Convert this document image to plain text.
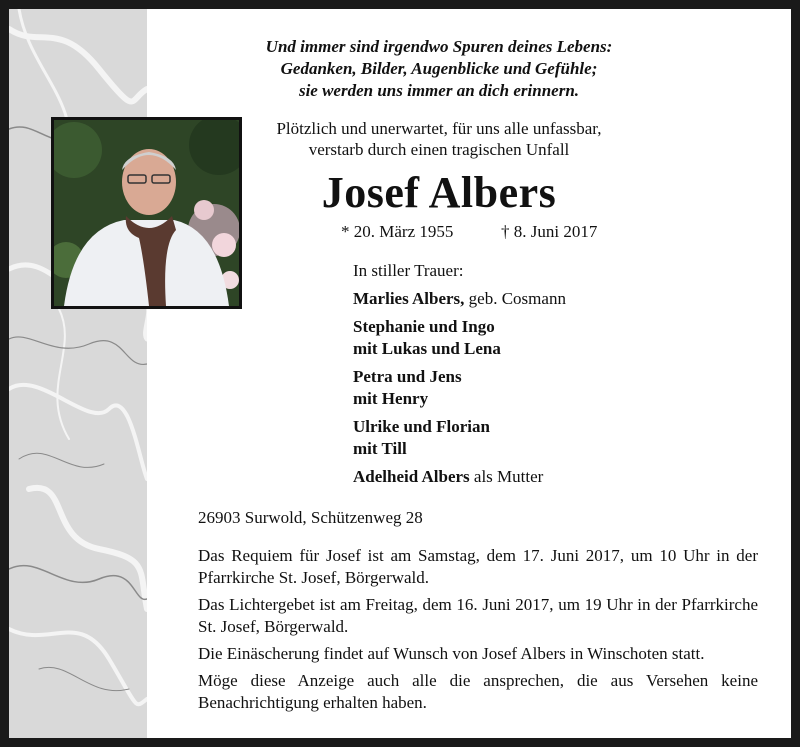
Und immer sind irgendwo Spuren deines Lebens:
Gedanken, Bilder, Augenblicke und Gefühle;
sie werden uns immer an dich erinnern.
Plötzlich und unerwartet, für uns alle unfassbar,
verstarb durch einen tragischen Unfall
Josef Albers
* 20. März 1955	† 8. Juni 2017
In stiller Trauer:
Marlies Albers, geb. Cosmann
Stephanie und Ingo
mit Lukas und Lena
Petra und Jens
mit Henry
Ulrike und Florian
mit Till
Adelheid Albers als Mutter
26903 Surwold, Schützenweg 28

Das Requiem für Josef ist am Samstag, dem 17. Juni 2017, um 10 Uhr in der Pfarrkirche St. Josef, Börgerwald.

Das Lichtergebet ist am Freitag, dem 16. Juni 2017, um 19 Uhr in der Pfarrkirche St. Josef, Börgerwald.

Die Einäscherung findet auf Wunsch von Josef Albers in Winschoten statt.

Möge diese Anzeige auch alle die ansprechen, die aus Versehen keine Benachrichtigung erhalten haben.
